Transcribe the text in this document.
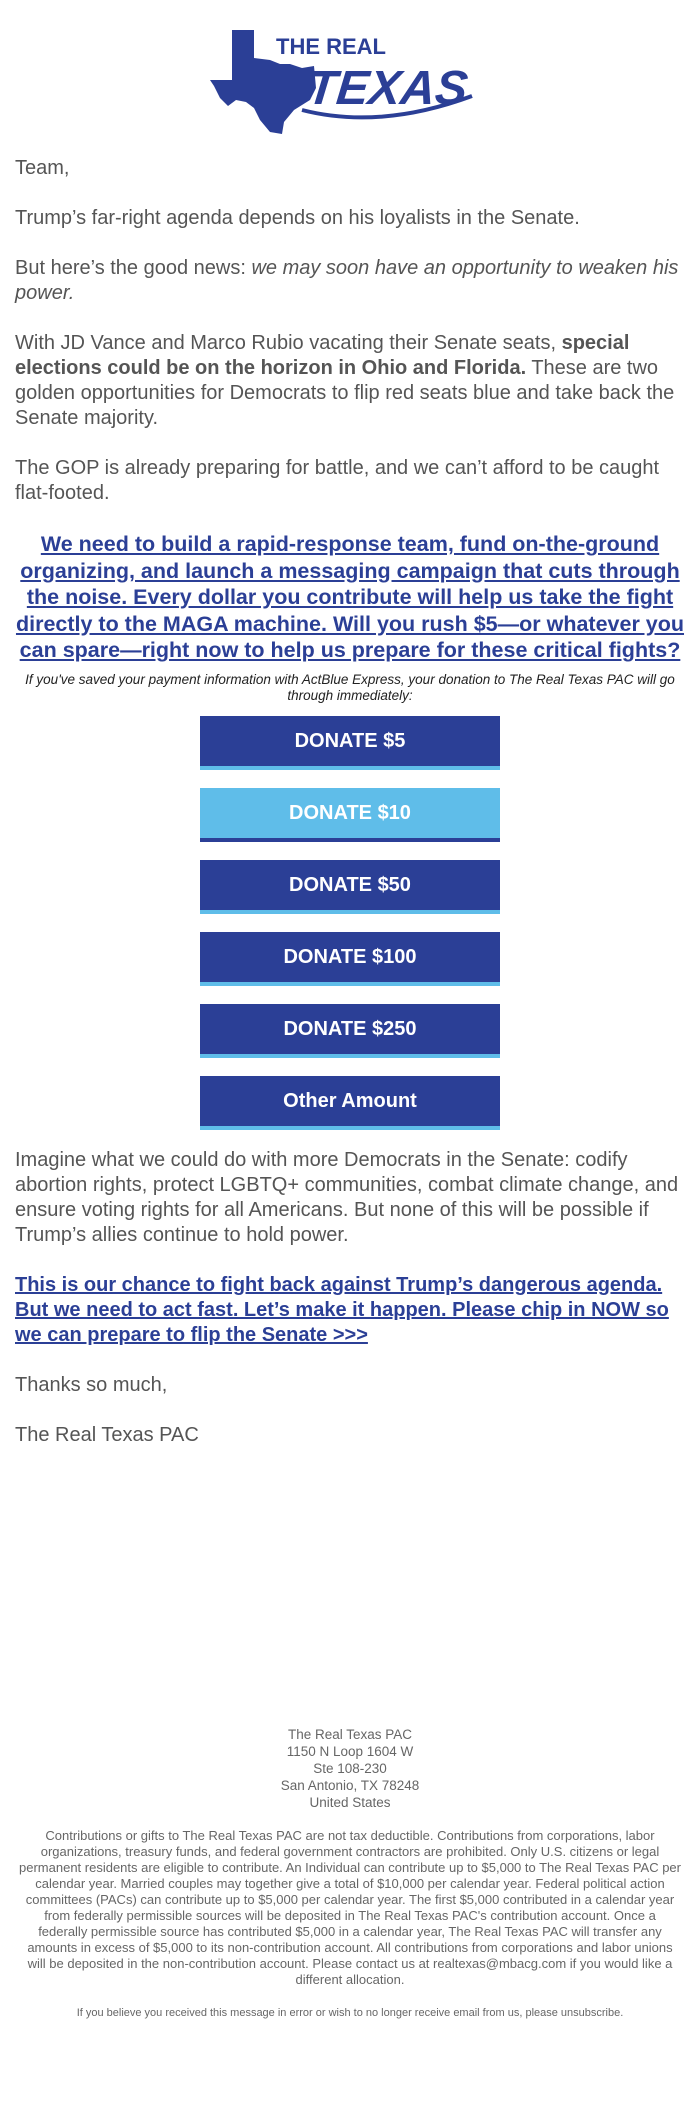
THE REAL
TEXAS

Team,

Trump’s far-right agenda depends on his loyalists in the Senate.

But here’s the good news: we may soon have an opportunity to weaken his power.

With JD Vance and Marco Rubio vacating their Senate seats, special elections could be on the horizon in Ohio and Florida. These are two golden opportunities for Democrats to flip red seats blue and take back the Senate majority.

The GOP is already preparing for battle, and we can’t afford to be caught flat-footed.

We need to build a rapid-response team, fund on-the-ground organizing, and launch a messaging campaign that cuts through the noise. Every dollar you contribute will help us take the fight directly to the MAGA machine. Will you rush $5—or whatever you can spare—right now to help us prepare for these critical fights?

If you've saved your payment information with ActBlue Express, your donation to The Real Texas PAC will go through immediately:

DONATE $5
DONATE $10
DONATE $50
DONATE $100
DONATE $250
Other Amount

Imagine what we could do with more Democrats in the Senate: codify abortion rights, protect LGBTQ+ communities, combat climate change, and ensure voting rights for all Americans. But none of this will be possible if Trump’s allies continue to hold power.

This is our chance to fight back against Trump’s dangerous agenda. But we need to act fast. Let’s make it happen. Please chip in NOW so we can prepare to flip the Senate >>>

Thanks so much,

The Real Texas PAC

The Real Texas PAC
1150 N Loop 1604 W
Ste 108-230
San Antonio, TX 78248
United States

Contributions or gifts to The Real Texas PAC are not tax deductible. Contributions from corporations, labor organizations, treasury funds, and federal government contractors are prohibited. Only U.S. citizens or legal permanent residents are eligible to contribute. An Individual can contribute up to $5,000 to The Real Texas PAC per calendar year. Married couples may together give a total of $10,000 per calendar year. Federal political action committees (PACs) can contribute up to $5,000 per calendar year. The first $5,000 contributed in a calendar year from federally permissible sources will be deposited in The Real Texas PAC's contribution account. Once a federally permissible source has contributed $5,000 in a calendar year, The Real Texas PAC will transfer any amounts in excess of $5,000 to its non-contribution account. All contributions from corporations and labor unions will be deposited in the non-contribution account. Please contact us at realtexas@mbacg.com if you would like a different allocation.

If you believe you received this message in error or wish to no longer receive email from us, please unsubscribe.
